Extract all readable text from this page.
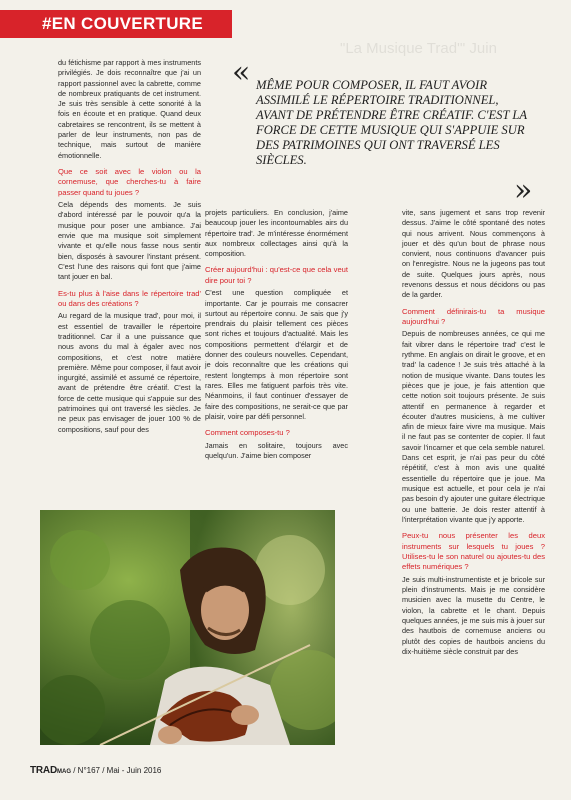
#EN COUVERTURE
"La Musique Trad'" Juin
« MÊME POUR COMPOSER, IL FAUT AVOIR ASSIMILÉ LE RÉPERTOIRE TRADITIONNEL, AVANT DE PRÉTENDRE ÊTRE CRÉATIF. C'EST LA FORCE DE CETTE MUSIQUE QUI S'APPUIE SUR DES PATRIMOINES QUI ONT TRAVERSÉ LES SIÈCLES.
»

du fétichisme par rapport à mes instruments privilégiés. Je dois reconnaître que j'ai un rapport passionnel avec la cabrette, comme de nombreux pratiquants de cet instrument. Je suis très sensible à cette sonorité à la fois en écoute et en pratique. Quand deux cabretaires se rencontrent, ils se mettent à parler de leur instruments, non pas de technique, mais surtout de manière émotionnelle.

Que ce soit avec le violon ou la cornemuse, que cherches-tu à faire passer quand tu joues ?

Cela dépends des moments. Je suis d'abord intéressé par le pouvoir qu'a la musique pour poser une ambiance. J'ai envie que ma musique soit simplement vivante et qu'elle nous fasse nous sentir bien, disposés à savourer l'instant présent. C'est l'une des raisons qui font que j'aime tant jouer en bal.

Es-tu plus à l'aise dans le répertoire trad' ou dans des créations ?

Au regard de la musique trad', pour moi, il est essentiel de travailler le répertoire traditionnel. Car il a une puissance que nous avons du mal à égaler avec nos compositions, et c'est notre matière première. Même pour composer, il faut avoir ingurgité, assimilé et assumé ce répertoire, avant de prétendre être créatif. C'est la force de cette musique qui s'appuie sur des patrimoines qui ont traversé les siècles. Je ne peux pas envisager de jouer 100 % de compositions, sauf pour des

projets particuliers. En conclusion, j'aime beaucoup jouer les incontournables airs du répertoire trad'. Je m'intéresse énormément aux nombreux collectages ainsi qu'à la composition.

Créer aujourd'hui : qu'est-ce que cela veut dire pour toi ?

C'est une question compliquée et importante. Car je pourrais me consacrer surtout au répertoire connu. Je sais que j'y prendrais du plaisir tellement ces pièces sont riches et toujours d'actualité. Mais les compositions permettent d'élargir et de donner des couleurs nouvelles. Cependant, je dois reconnaître que les créations qui restent longtemps à mon répertoire sont rares. Elles me fatiguent parfois très vite. Néanmoins, il faut continuer d'essayer de faire des compositions, ne serait-ce que par plaisir, voire par défi personnel.

Comment composes-tu ?

Jamais en solitaire, toujours avec quelqu'un. J'aime bien composer

vite, sans jugement et sans trop revenir dessus. J'aime le côté spontané des notes qui nous arrivent. Nous commençons à jouer et dès qu'un bout de phrase nous convient, nous continuons d'avancer puis on l'enregistre. Nous ne la jugeons pas tout de suite. Quelques jours après, nous revenons dessus et nous décidons ou pas de la garder.

Comment définirais-tu ta musique aujourd'hui ?

Depuis de nombreuses années, ce qui me fait vibrer dans le répertoire trad' c'est le rythme. En anglais on dirait le groove, et en trad' la cadence ! Je suis très attaché à la notion de musique vivante. Dans toutes les pièces que je joue, je fais attention que cette notion soit toujours présente. Je suis attentif en permanence à regarder et écouter d'autres musiciens, à me cultiver afin de mieux faire vivre ma musique. Mais il ne faut pas se contenter de copier. Il faut savoir l'incarner et que cela semble naturel. Dans cet esprit, je n'ai pas peur du côté répétitif, c'est à mon avis une qualité essentielle du répertoire que je joue. Ma musique est actuelle, et pour cela je n'ai pas besoin d'y ajouter une guitare électrique ou une batterie. Je dois rester attentif à l'interprétation vivante que j'y apporte.

Peux-tu nous présenter les deux instruments sur lesquels tu joues ? Utilises-tu le son naturel ou ajoutes-tu des effets numériques ?

Je suis multi-instrumentiste et je bricole sur plein d'instruments. Mais je me considère musicien avec la musette du Centre, le violon, la cabrette et le chant. Depuis quelques années, je me suis mis à jouer sur des hautbois de cornemuse anciens ou plutôt des copies de hautbois anciens du dix-huitième siècle construit par des

TRADMAG / N°167 / Mai - Juin 2016
